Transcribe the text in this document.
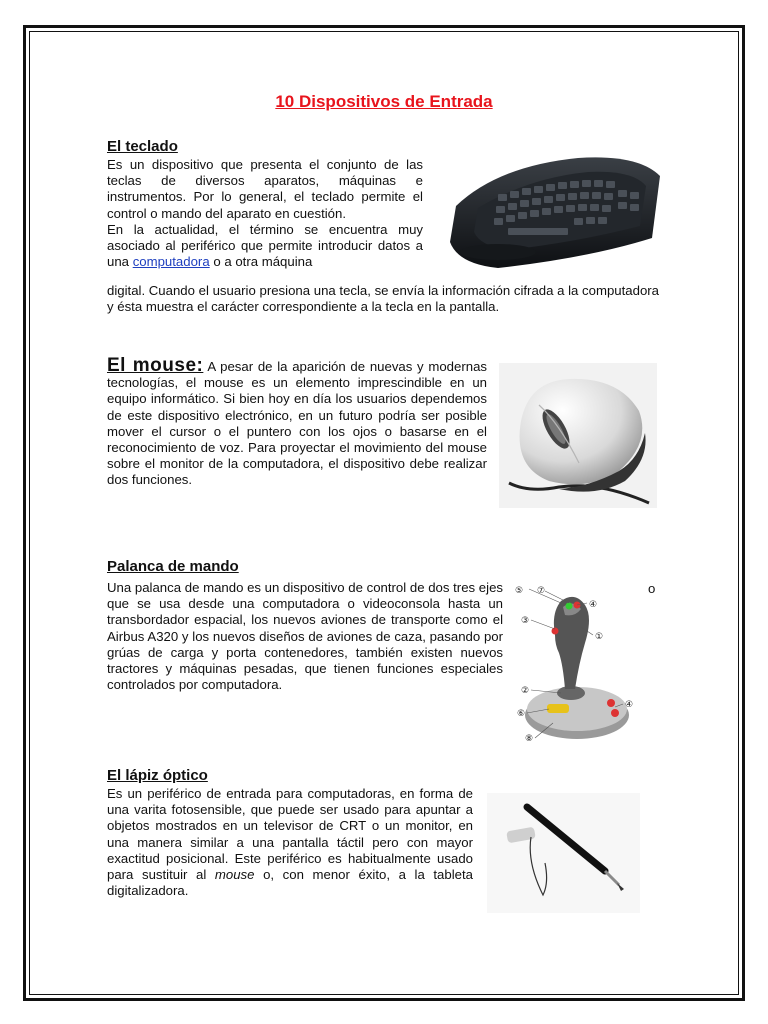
10 Dispositivos de Entrada
El teclado

Es un dispositivo que presenta el conjunto de las teclas de diversos aparatos, máquinas e instrumentos. Por lo general, el teclado permite el control o mando del aparato en cuestión.

En la actualidad, el término se encuentra muy asociado al periférico que permite introducir datos a una computadora o a otra máquina

digital. Cuando el usuario presiona una tecla, se envía la información cifrada a la computadora y ésta muestra el carácter correspondiente a la tecla en la pantalla.

El mouse: A pesar de la aparición de nuevas y modernas tecnologías, el mouse es un elemento imprescindible en un equipo informático. Si bien hoy en día los usuarios dependemos de este dispositivo electrónico, en un futuro podría ser posible mover el cursor o el puntero con los ojos o basarse en el reconocimiento de voz. Para proyectar el movimiento del mouse sobre el monitor de la computadora, el dispositivo debe realizar dos funciones.

Palanca de mando

Una palanca de mando es un dispositivo de control de dos tres ejes que se usa desde una computadora o videoconsola hasta un transbordador espacial, los nuevos aviones de transporte como el Airbus A320 y los nuevos diseños de aviones de caza, pasando por grúas de carga y porta contenedores, también existen nuevos tractores y máquinas pesadas, que tienen funciones especiales controlados por computadora.

o
⑦
⑤
④
③
①
②
⑥
④
⑧
El lápiz óptico

Es un periférico de entrada para computadoras, en forma de una varita fotosensible, que puede ser usado para apuntar a objetos mostrados en un televisor de CRT o un monitor, en una manera similar a una pantalla táctil pero con mayor exactitud posicional. Este periférico es habitualmente usado para sustituir al mouse o, con menor éxito, a la tableta digitalizadora.
